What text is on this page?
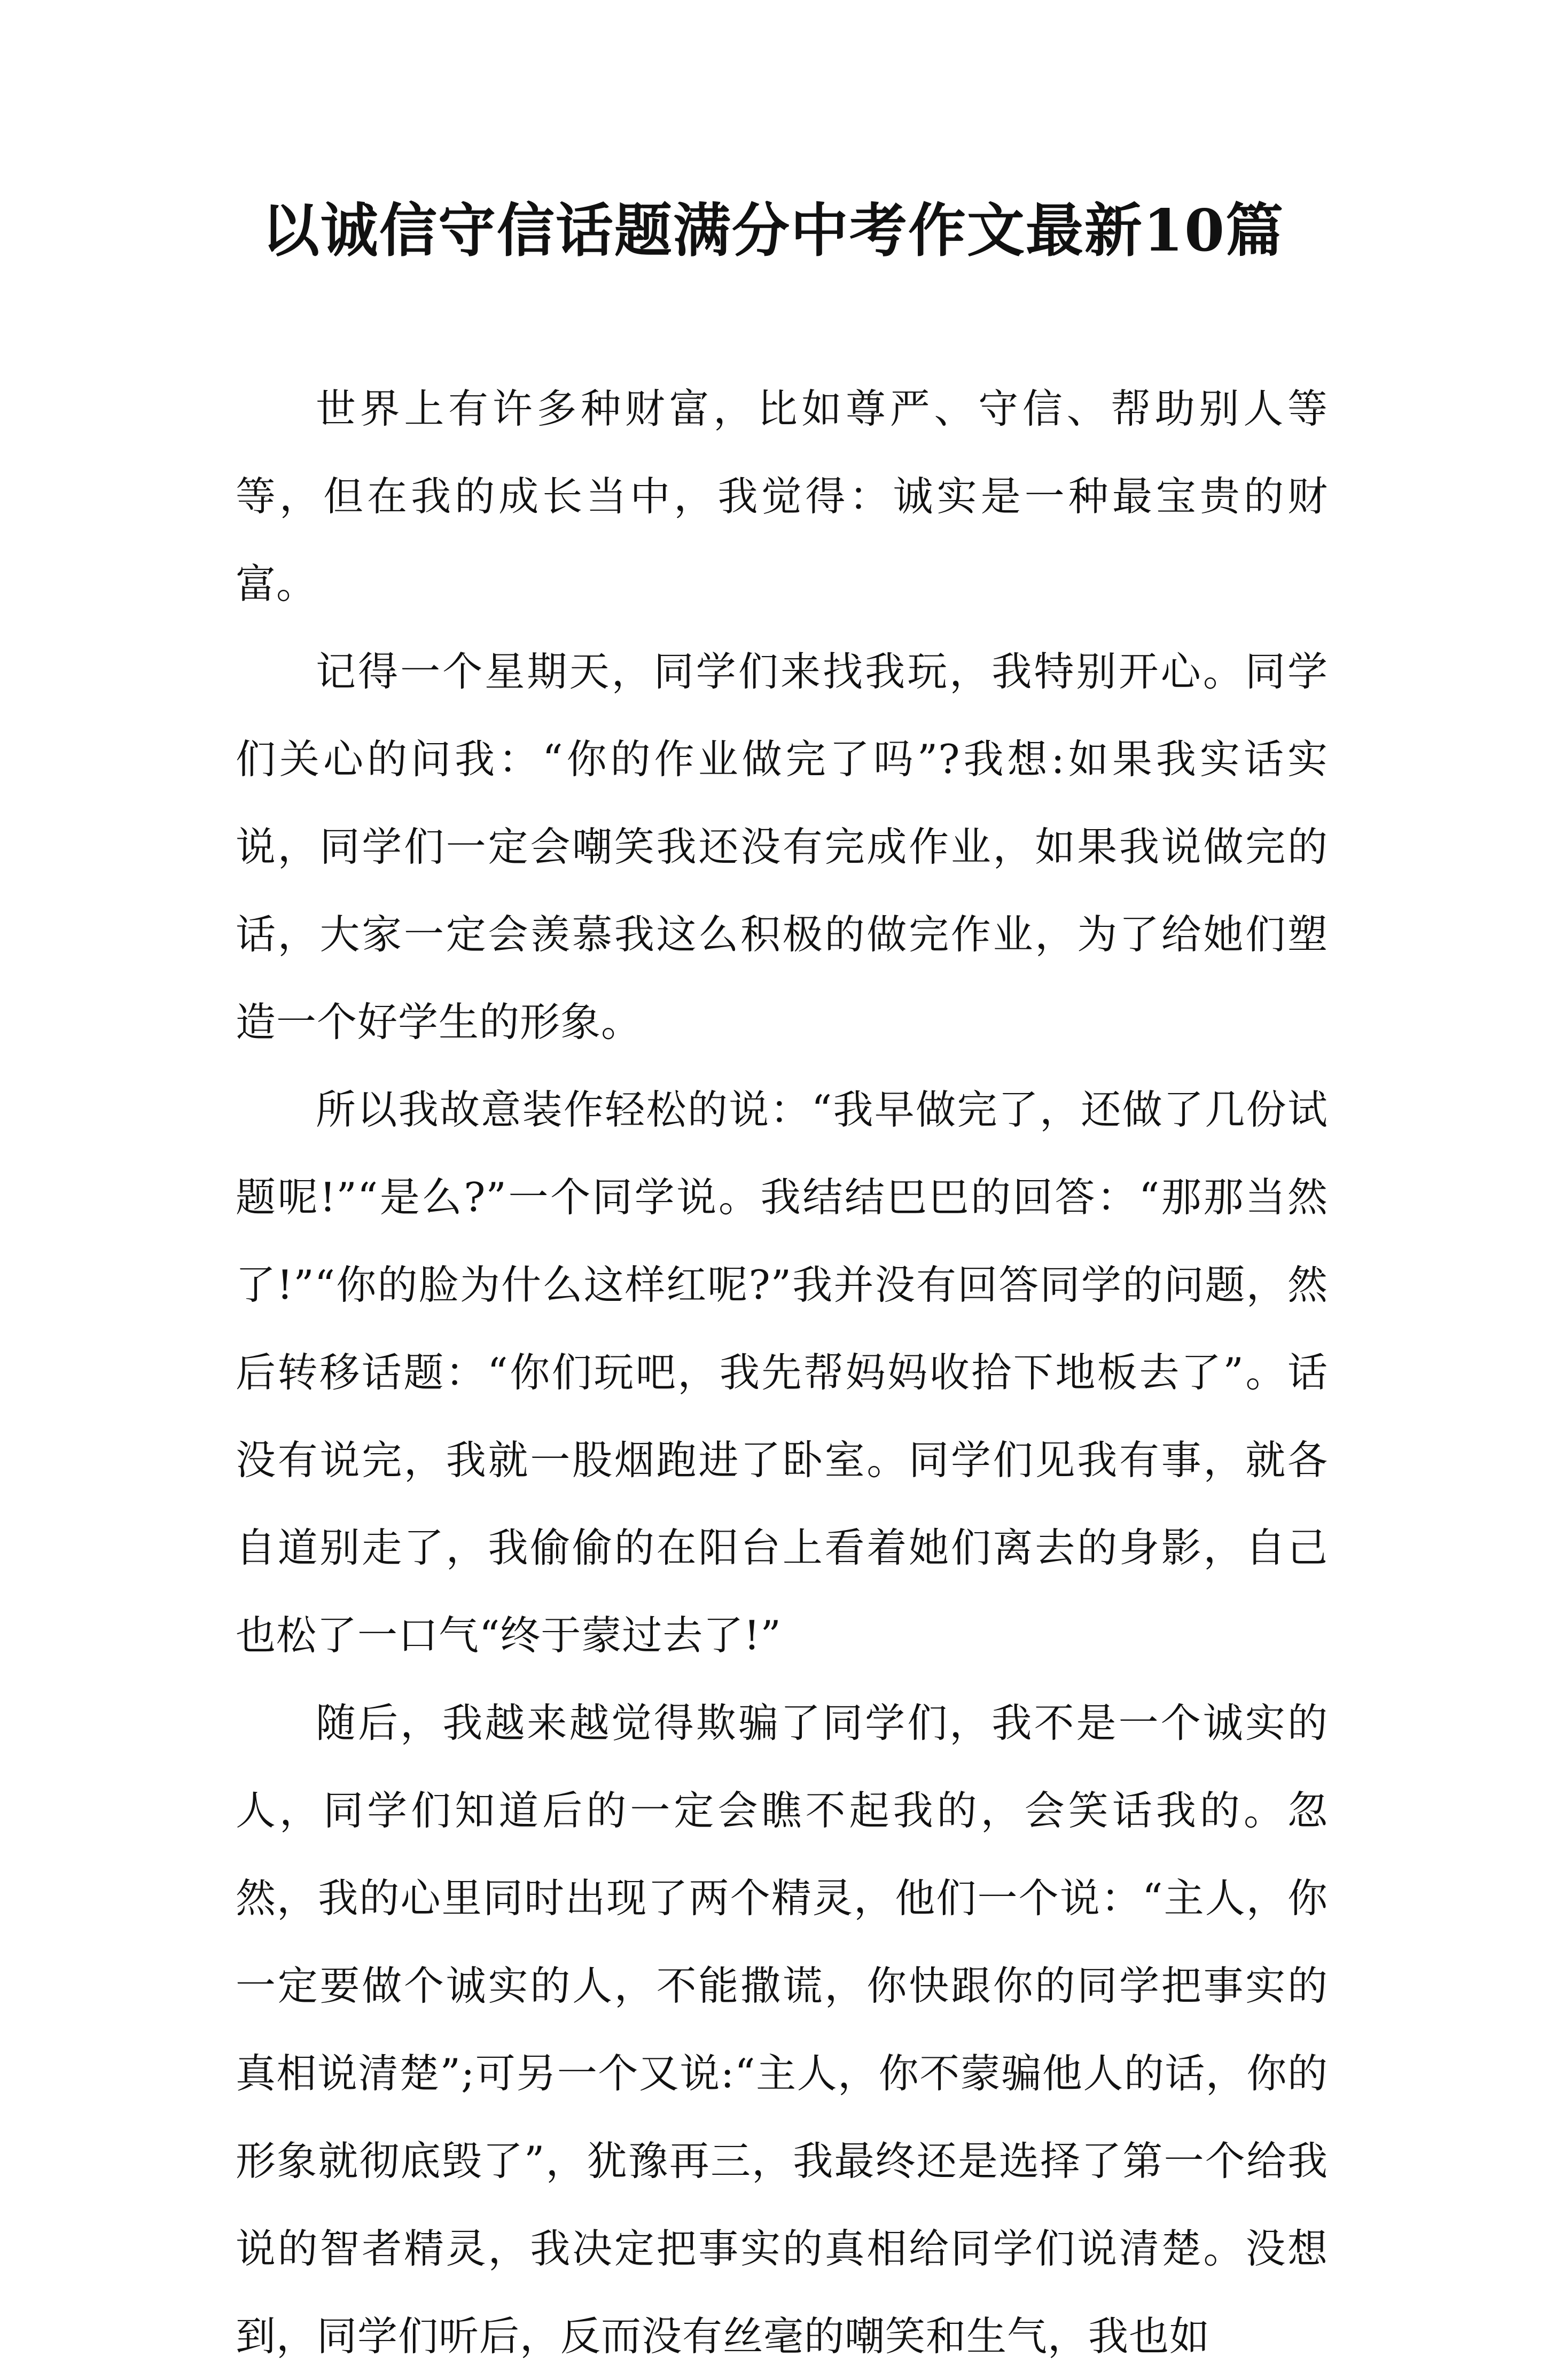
以诚信守信话题满分中考作文最新10篇

世界上有许多种财富，比如尊严、守信、帮助别人等等，但在我的成长当中，我觉得：诚实是一种最宝贵的财富。

记得一个星期天，同学们来找我玩，我特别开心。同学们关心的问我：“你的作业做完了吗”?我想:如果我实话实说，同学们一定会嘲笑我还没有完成作业，如果我说做完的话，大家一定会羡慕我这么积极的做完作业，为了给她们塑造一个好学生的形象。

所以我故意装作轻松的说：“我早做完了，还做了几份试题呢!”“是么?”一个同学说。我结结巴巴的回答：“那那当然了!”“你的脸为什么这样红呢?”我并没有回答同学的问题，然后转移话题：“你们玩吧，我先帮妈妈收拾下地板去了”。话没有说完，我就一股烟跑进了卧室。同学们见我有事，就各自道别走了，我偷偷的在阳台上看着她们离去的身影，自己也松了一口气“终于蒙过去了!”

随后，我越来越觉得欺骗了同学们，我不是一个诚实的人，同学们知道后的一定会瞧不起我的，会笑话我的。忽然，我的心里同时出现了两个精灵，他们一个说：“主人，你一定要做个诚实的人，不能撒谎，你快跟你的同学把事实的真相说清楚”;可另一个又说:“主人，你不蒙骗他人的话，你的形象就彻底毁了”，犹豫再三，我最终还是选择了第一个给我说的智者精灵，我决定把事实的真相给同学们说清楚。没想到，同学们听后，反而没有丝毫的嘲笑和生气，我也如
